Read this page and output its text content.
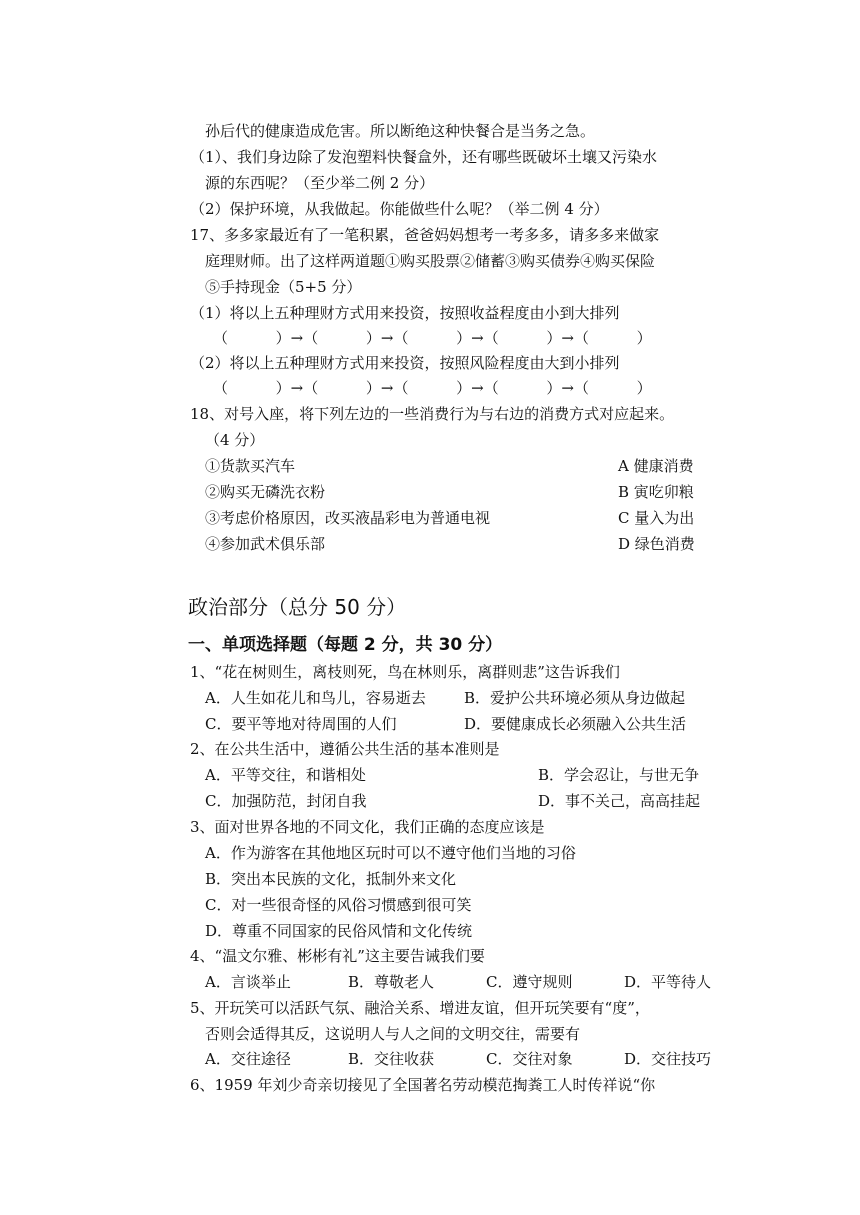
孙后代的健康造成危害。所以断绝这种快餐合是当务之急。
（1）、我们身边除了发泡塑料快餐盒外，还有哪些既破坏土壤又污染水
源的东西呢？（至少举二例 2 分）
（2）保护环境，从我做起。你能做些什么呢？（举二例 4 分）
17、多多家最近有了一笔积累，爸爸妈妈想考一考多多，请多多来做家
庭理财师。出了这样两道题①购买股票②储蓄③购买债券④购买保险
⑤手持现金（5+5 分）
（1）将以上五种理财方式用来投资，按照收益程度由小到大排列
（          ）→（          ）→（          ）→（          ）→（          ）
（2）将以上五种理财方式用来投资，按照风险程度由大到小排列
（          ）→（          ）→（          ）→（          ）→（          ）
18、对号入座，将下列左边的一些消费行为与右边的消费方式对应起来。
（4 分）
①货款买汽车	A 健康消费
②购买无磷洗衣粉	B 寅吃卯粮
③考虑价格原因，改买液晶彩电为普通电视	C 量入为出
④参加武术俱乐部	D 绿色消费
政治部分（总分 50 分）
一、单项选择题（每题 2 分，共 30 分）
1、“花在树则生，离枝则死，鸟在林则乐，离群则悲”这告诉我们
A．人生如花儿和鸟儿，容易逝去	B．爱护公共环境必须从身边做起
C．要平等地对待周围的人们	D．要健康成长必须融入公共生活
2、在公共生活中，遵循公共生活的基本准则是
A．平等交往，和谐相处	B．学会忍让，与世无争
C．加强防范，封闭自我	D．事不关己，高高挂起
3、面对世界各地的不同文化，我们正确的态度应该是
A．作为游客在其他地区玩时可以不遵守他们当地的习俗
B．突出本民族的文化，抵制外来文化
C．对一些很奇怪的风俗习惯感到很可笑
D．尊重不同国家的民俗风情和文化传统
4、“温文尔雅、彬彬有礼”这主要告诫我们要
A．言谈举止	B．尊敬老人	C．遵守规则	D．平等待人
5、开玩笑可以活跃气氛、融洽关系、增进友谊，但开玩笑要有“度”，
否则会适得其反，这说明人与人之间的文明交往，需要有
A．交往途径	B．交往收获	C．交往对象	D．交往技巧
6、1959 年刘少奇亲切接见了全国著名劳动模范掏粪工人时传祥说“你
